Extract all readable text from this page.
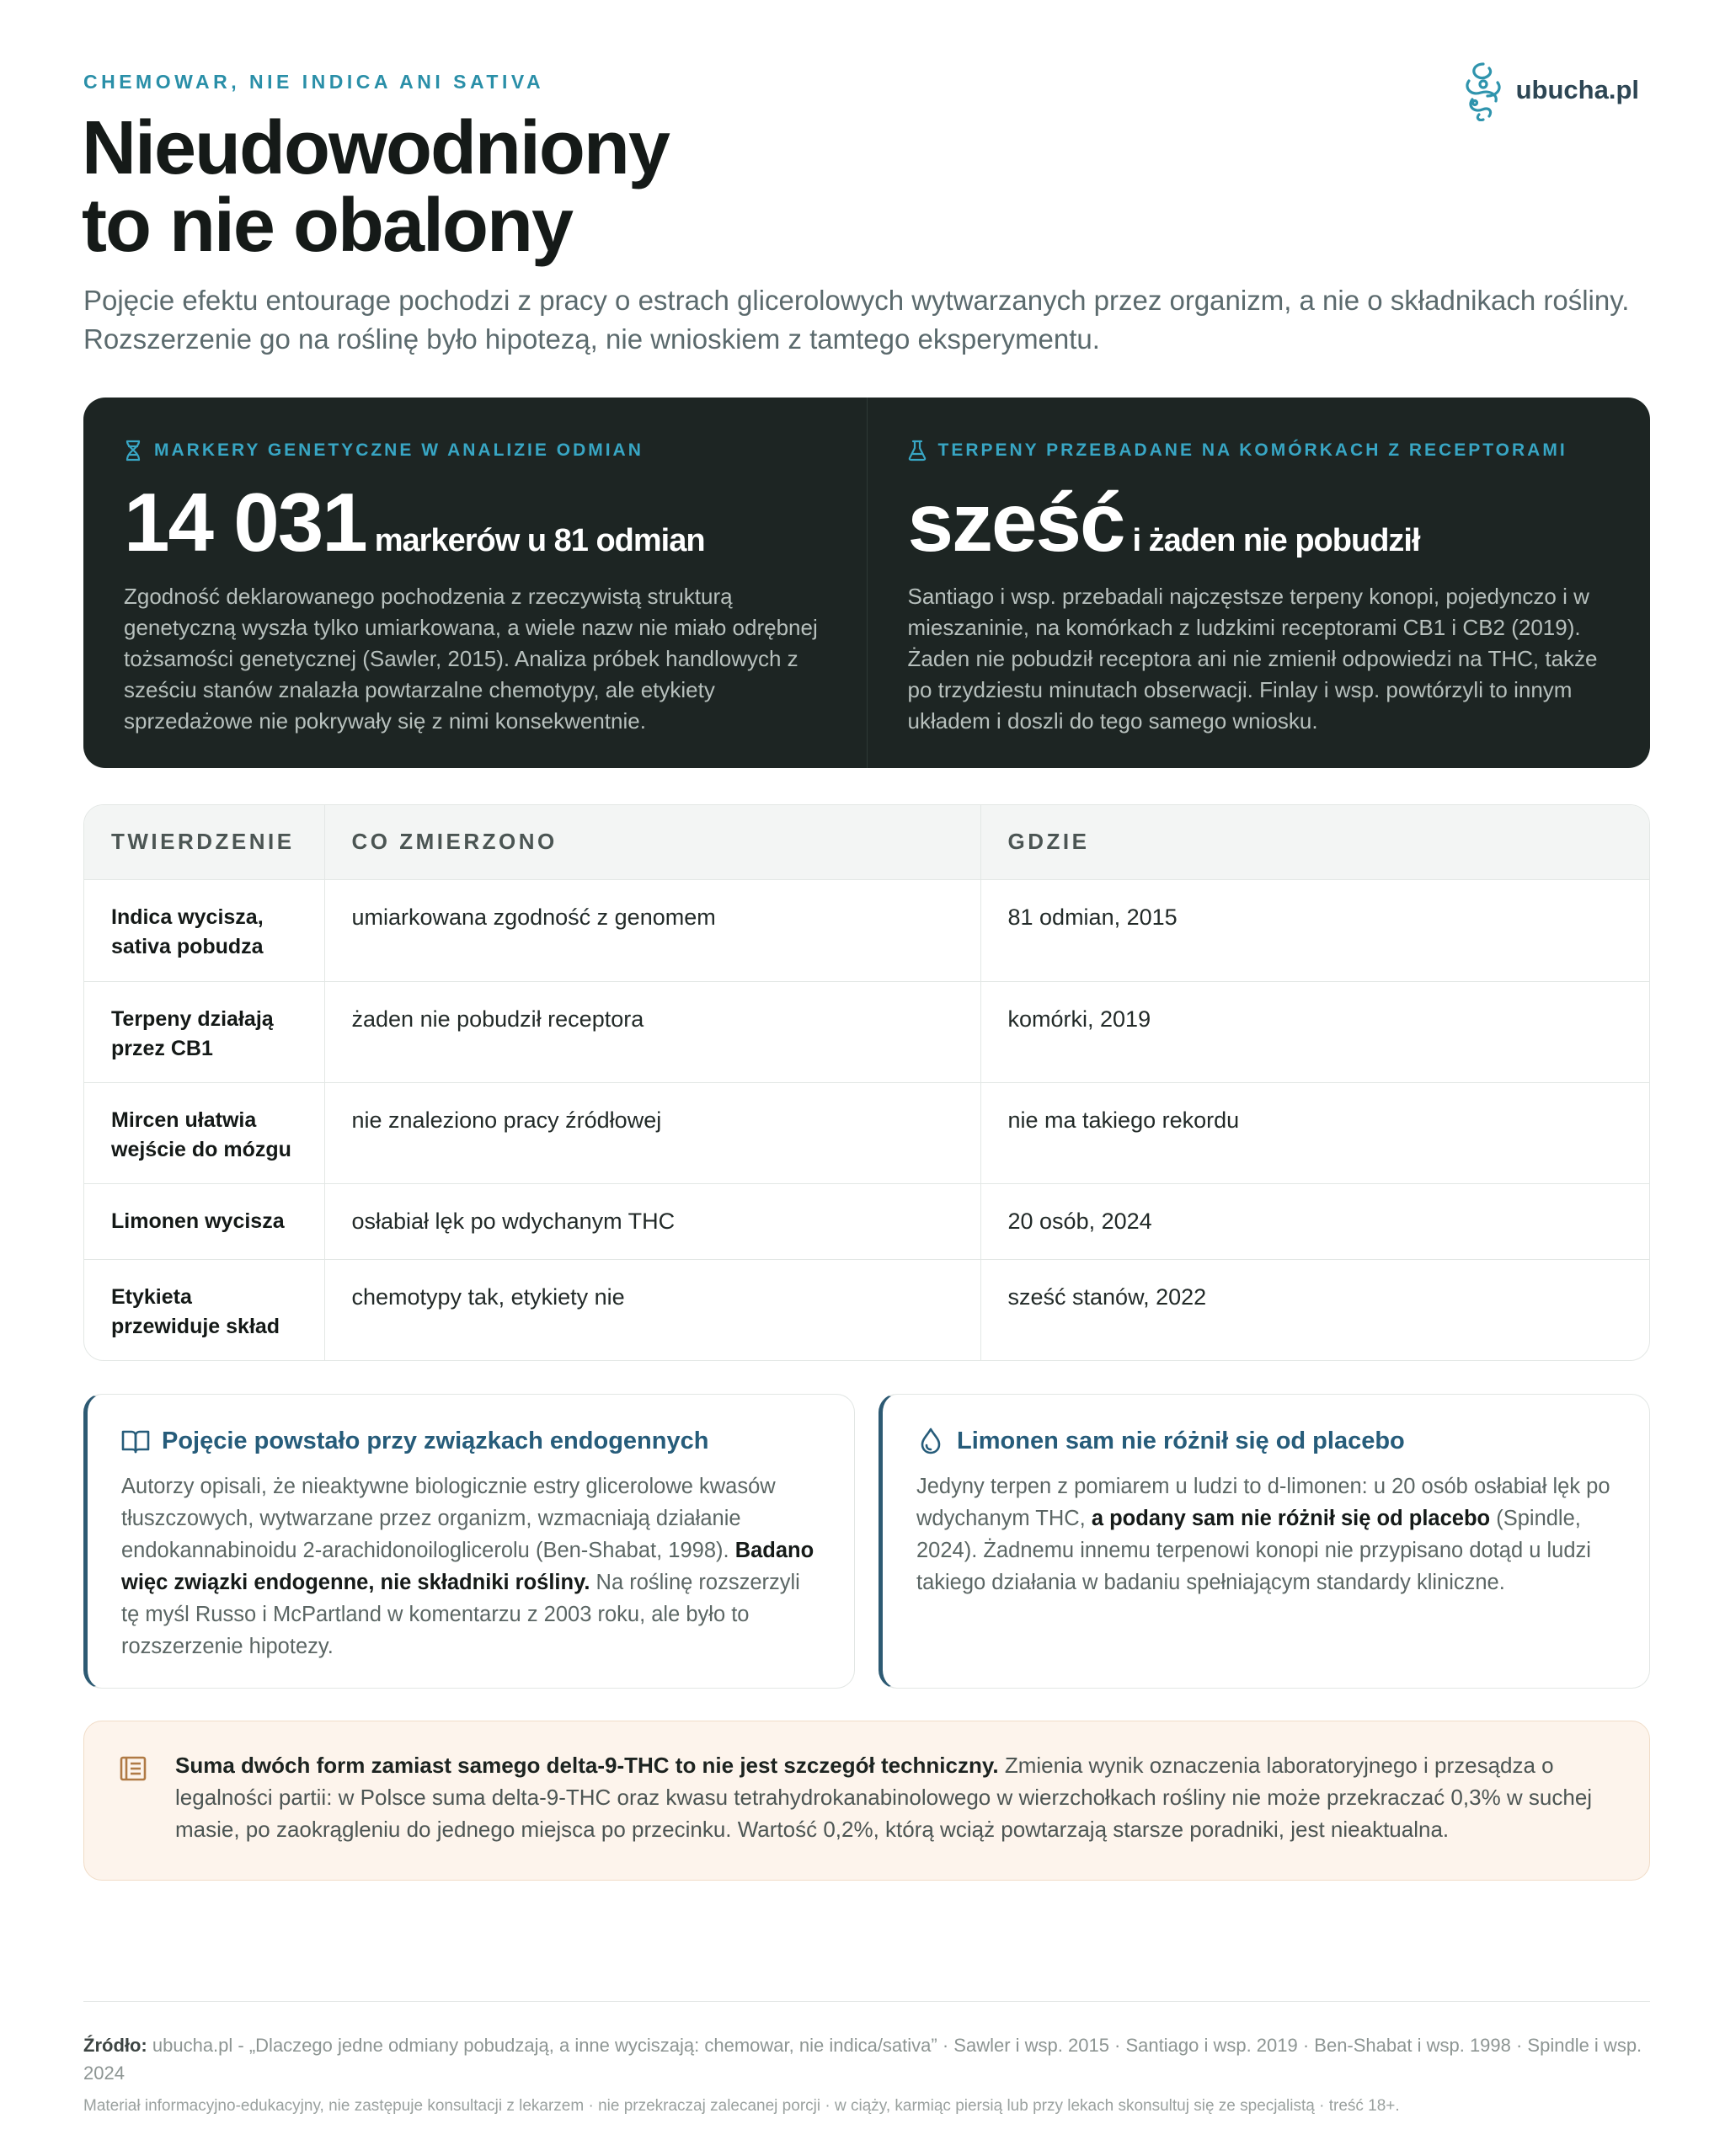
CHEMOWAR, NIE INDICA ANI SATIVA	ubucha.pl
Nieudowodniony
to nie obalony

Pojęcie efektu entourage pochodzi z pracy o estrach glicerolowych wytwarzanych przez organizm, a nie o składnikach rośliny. Rozszerzenie go na roślinę było hipotezą, nie wnioskiem z tamtego eksperymentu.

MARKERY GENETYCZNE W ANALIZIE ODMIAN
14 031 markerów u 81 odmian

Zgodność deklarowanego pochodzenia z rzeczywistą strukturą genetyczną wyszła tylko umiarkowana, a wiele nazw nie miało odrębnej tożsamości genetycznej (Sawler, 2015). Analiza próbek handlowych z sześciu stanów znalazła powtarzalne chemotypy, ale etykiety sprzedażowe nie pokrywały się z nimi konsekwentnie.

TERPENY PRZEBADANE NA KOMÓRKACH Z RECEPTORAMI
sześć i żaden nie pobudził

Santiago i wsp. przebadali najczęstsze terpeny konopi, pojedynczo i w mieszaninie, na komórkach z ludzkimi receptorami CB1 i CB2 (2019). Żaden nie pobudził receptora ani nie zmienił odpowiedzi na THC, także po trzydziestu minutach obserwacji. Finlay i wsp. powtórzyli to innym układem i doszli do tego samego wniosku.

TWIERDZENIE	CO ZMIERZONO	GDZIE
Indica wycisza, sativa pobudza	umiarkowana zgodność z genomem	81 odmian, 2015
Terpeny działają przez CB1	żaden nie pobudził receptora	komórki, 2019
Mircen ułatwia wejście do mózgu	nie znaleziono pracy źródłowej	nie ma takiego rekordu
Limonen wycisza	osłabiał lęk po wdychanym THC	20 osób, 2024
Etykieta przewiduje skład	chemotypy tak, etykiety nie	sześć stanów, 2022
Pojęcie powstało przy związkach endogennych

Autorzy opisali, że nieaktywne biologicznie estry glicerolowe kwasów tłuszczowych, wytwarzane przez organizm, wzmacniają działanie endokannabinoidu 2-arachidonoiloglicerolu (Ben-Shabat, 1998). Badano więc związki endogenne, nie składniki rośliny. Na roślinę rozszerzyli tę myśl Russo i McPartland w komentarzu z 2003 roku, ale było to rozszerzenie hipotezy.

Limonen sam nie różnił się od placebo

Jedyny terpen z pomiarem u ludzi to d-limonen: u 20 osób osłabiał lęk po wdychanym THC, a podany sam nie różnił się od placebo (Spindle, 2024). Żadnemu innemu terpenowi konopi nie przypisano dotąd u ludzi takiego działania w badaniu spełniającym standardy kliniczne.

Suma dwóch form zamiast samego delta-9-THC to nie jest szczegół techniczny. Zmienia wynik oznaczenia laboratoryjnego i przesądza o legalności partii: w Polsce suma delta-9-THC oraz kwasu tetrahydrokanabinolowego w wierzchołkach rośliny nie może przekraczać 0,3% w suchej masie, po zaokrągleniu do jednego miejsca po przecinku. Wartość 0,2%, którą wciąż powtarzają starsze poradniki, jest nieaktualna.

Źródło: ubucha.pl - „Dlaczego jedne odmiany pobudzają, a inne wyciszają: chemowar, nie indica/sativa” · Sawler i wsp. 2015 · Santiago i wsp. 2019 · Ben-Shabat i wsp. 1998 · Spindle i wsp. 2024

Materiał informacyjno-edukacyjny, nie zastępuje konsultacji z lekarzem · nie przekraczaj zalecanej porcji · w ciąży, karmiąc piersią lub przy lekach skonsultuj się ze specjalistą · treść 18+.
